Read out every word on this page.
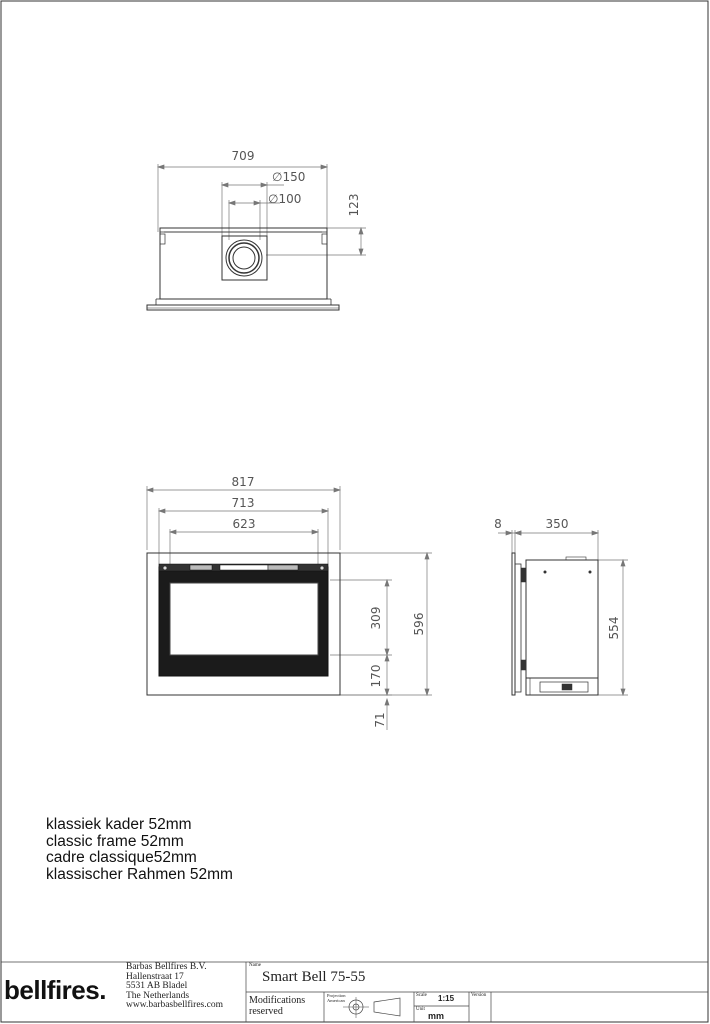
709
∅150
∅100	123
817
713
623
596
309
170
71
8	350
554
klassiek kader 52mm
classic frame 52mm
cadre classique52mm
klassischer Rahmen 52mm
bellfires.
Barbas Bellfires B.V.
Hallenstraat 17
5531 AB Bladel
The Netherlands
www.barbasbellfires.com
Name
Smart Bell 75-55
Modifications
reserved
Projection
American
Scale 1:15
Unit
mm
Version
